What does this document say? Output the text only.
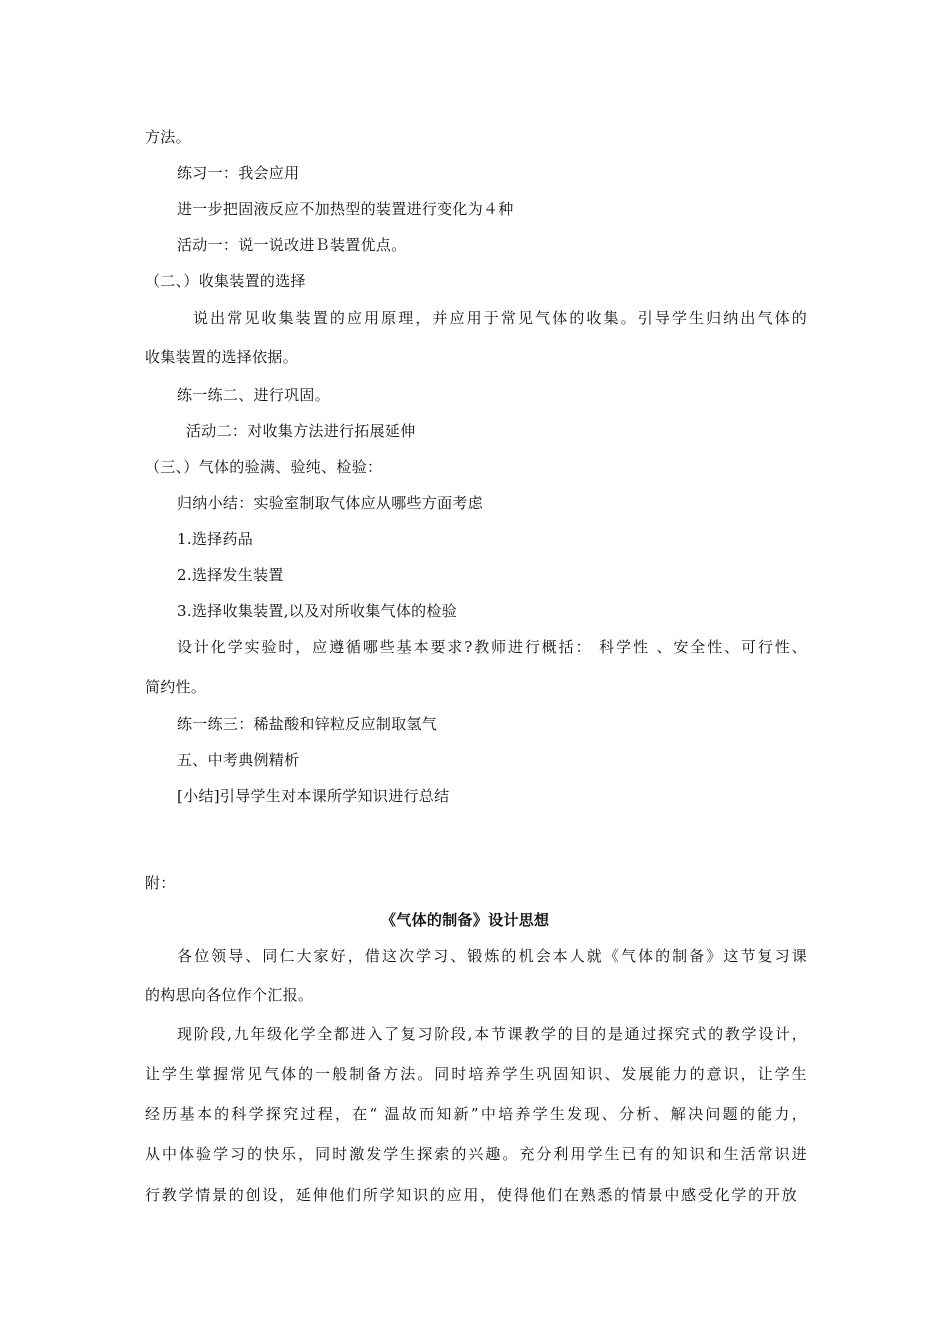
方法。
练习一：我会应用
进一步把固液反应不加热型的装置进行变化为４种
活动一：说一说改进Ｂ装置优点。
（二、）收集装置的选择
说出常见收集装置的应用原理，并应用于常见气体的收集。引导学生归纳出气体的
收集装置的选择依据。
练一练二、进行巩固。
活动二：对收集方法进行拓展延伸
（三、）气体的验满、验纯、检验：
归纳小结：实验室制取气体应从哪些方面考虑
1.选择药品
2.选择发生装置
3.选择收集装置,以及对所收集气体的检验
设计化学实验时，应遵循哪些基本要求?教师进行概括： 科学性 、安全性、可行性、
简约性。
练一练三：稀盐酸和锌粒反应制取氢气
五、中考典例精析
[小结]引导学生对本课所学知识进行总结
附：
《气体的制备》设计思想
各位领导、同仁大家好，借这次学习、锻炼的机会本人就《气体的制备》这节复习课
的构思向各位作个汇报。
现阶段,九年级化学全都进入了复习阶段,本节课教学的目的是通过探究式的教学设计，
让学生掌握常见气体的一般制备方法。同时培养学生巩固知识、发展能力的意识，让学生
经历基本的科学探究过程，在“ 温故而知新”中培养学生发现、分析、解决问题的能力，
从中体验学习的快乐，同时激发学生探索的兴趣。充分利用学生已有的知识和生活常识进
行教学情景的创设，延伸他们所学知识的应用，使得他们在熟悉的情景中感受化学的开放
